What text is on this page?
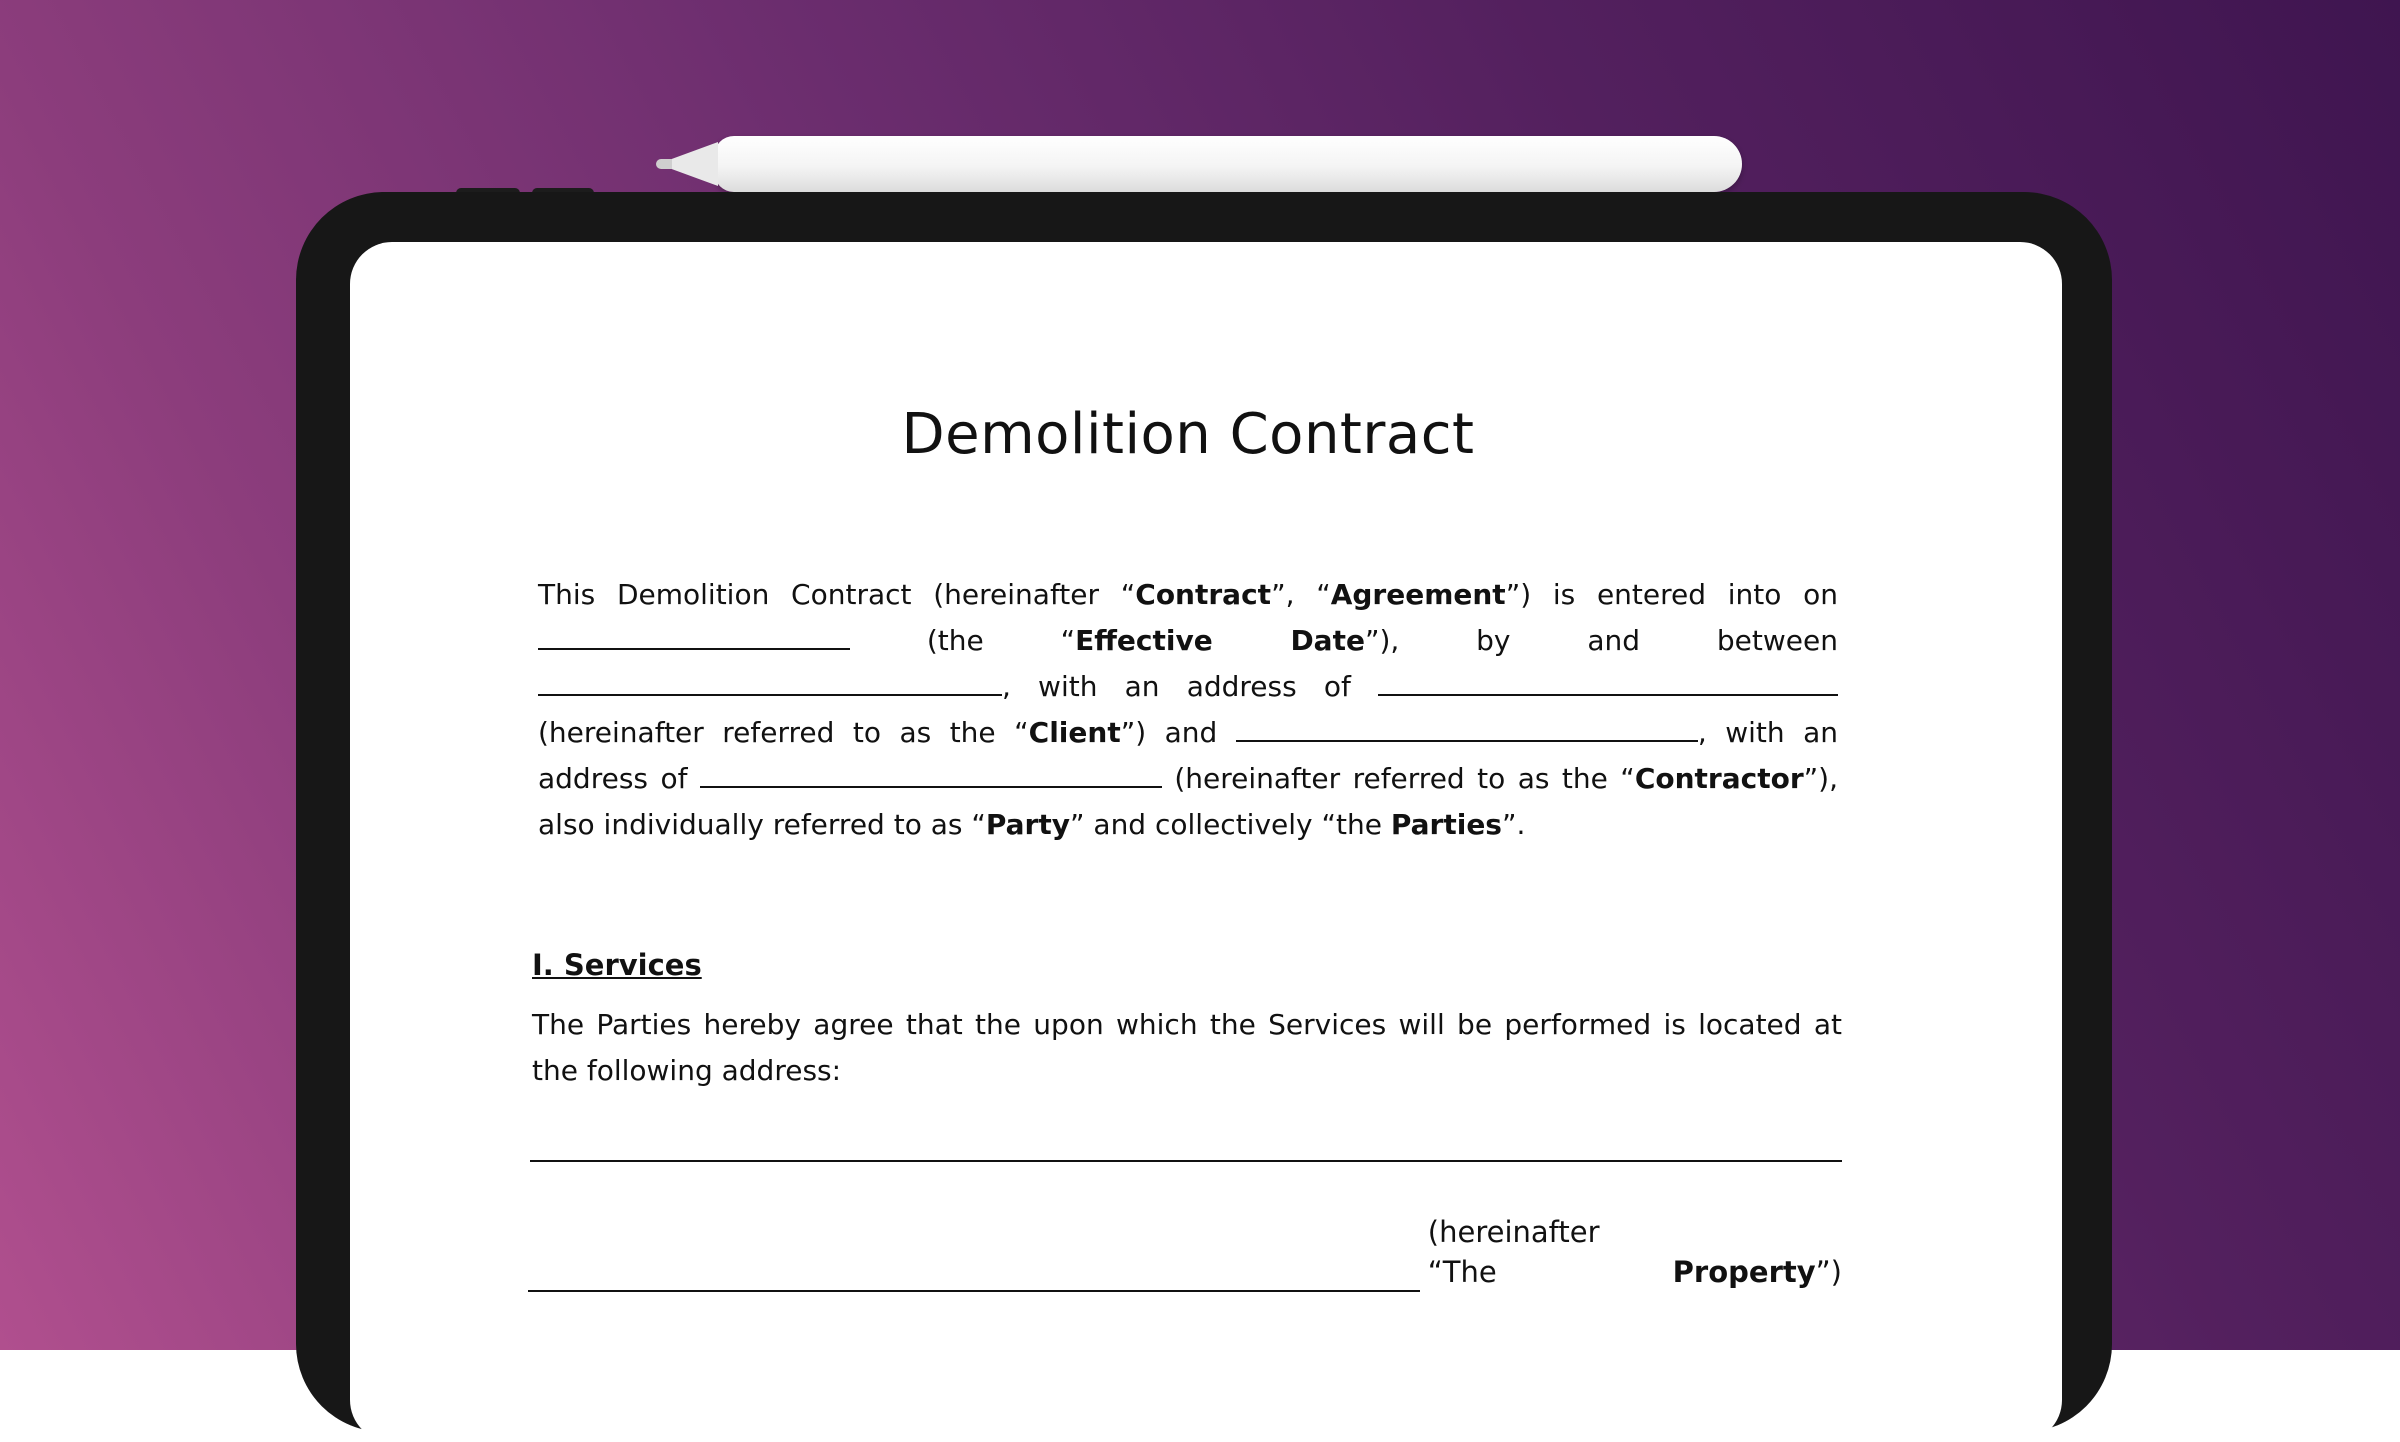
Demolition Contract

This Demolition Contract (hereinafter “Contract”, “Agreement”) is entered into on  (the “Effective Date”), by and between , with an address of  (hereinafter referred to as the “Client”) and	, with an address of	(hereinafter referred to as the “Contractor”), also individually referred to as “Party” and collectively “the Parties”.

I. Services

The Parties hereby agree that the upon which the Services will be performed is located at the following address:

(hereinafter “The	Property ”)
